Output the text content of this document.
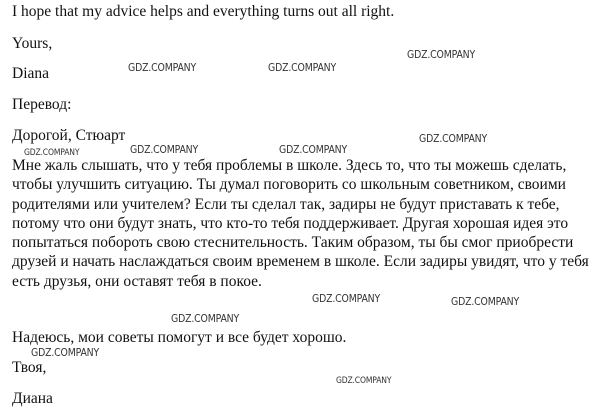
I hope that my advice helps and everything turns out all right.
Yours,
Diana
Перевод:
Дорогой, Стюарт
Мне жаль слышать, что у тебя проблемы в школе. Здесь то, что ты можешь сделать, чтобы улучшить ситуацию. Ты думал поговорить со школьным советником, своими родителями или учителем? Если ты сделал так, задиры не будут приставать к тебе, потому что они будут знать, что кто-то тебя поддерживает. Другая хорошая идея это попытаться побороть свою стеснительность. Таким образом, ты бы смог приобрести друзей и начать наслаждаться своим временем в школе. Если задиры увидят, что у тебя есть друзья, они оставят тебя в покое.
Надеюсь, мои советы помогут и все будет хорошо.
Твоя,
Диана
GDZ.COMPANY
GDZ.COMPANY	GDZ.COMPANY
GDZ.COMPANY
GDZ.COMPANY	GDZ.COMPANY
GDZ.COMPANY
GDZ.COMPANY	GDZ.COMPANY
GDZ.COMPANY
GDZ.COMPANY
GDZ.COMPANY
